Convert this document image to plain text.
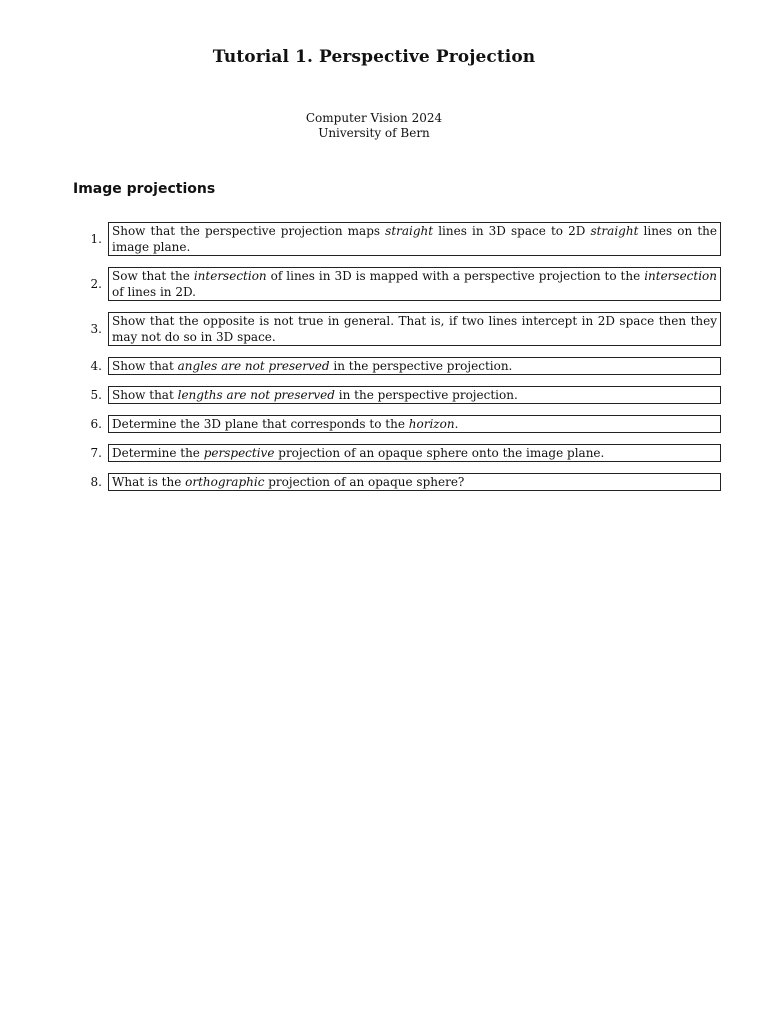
Tutorial 1. Perspective Projection
Computer Vision 2024
University of Bern
Image projections
1.
Show that the perspective projection maps straight lines in 3D space to 2D straight lines on the image plane.
2.
Sow that the intersection of lines in 3D is mapped with a perspective projection to the intersection of lines in 2D.
3.
Show that the opposite is not true in general. That is, if two lines intercept in 2D space then they may not do so in 3D space.
4. Show that angles are not preserved in the perspective projection.
5. Show that lengths are not preserved in the perspective projection.
6. Determine the 3D plane that corresponds to the horizon.
7. Determine the perspective projection of an opaque sphere onto the image plane.
8. What is the orthographic projection of an opaque sphere?
